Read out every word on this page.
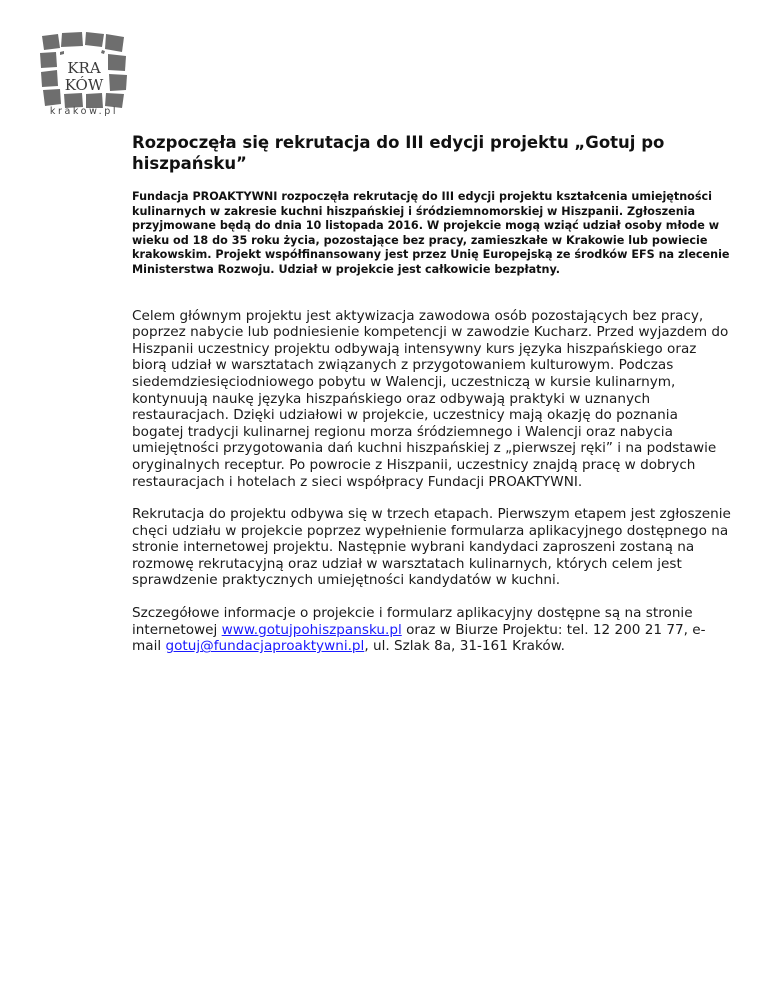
KRA
KÓW
krakow.pl
Rozpoczęła się rekrutacja do III edycji projektu „Gotuj po hiszpańsku”

Fundacja PROAKTYWNI rozpoczęła rekrutację do III edycji projektu kształcenia umiejętności kulinarnych w zakresie kuchni hiszpańskiej i śródziemnomorskiej w Hiszpanii. Zgłoszenia przyjmowane będą do dnia 10 listopada 2016. W projekcie mogą wziąć udział osoby młode w wieku od 18 do 35 roku życia, pozostające bez pracy, zamieszkałe w Krakowie lub powiecie krakowskim. Projekt współfinansowany jest przez Unię Europejską ze środków EFS na zlecenie Ministerstwa Rozwoju. Udział w projekcie jest całkowicie bezpłatny.

Celem głównym projektu jest aktywizacja zawodowa osób pozostających bez pracy, poprzez nabycie lub podniesienie kompetencji w zawodzie Kucharz. Przed wyjazdem do Hiszpanii uczestnicy projektu odbywają intensywny kurs języka hiszpańskiego oraz biorą udział w warsztatach związanych z przygotowaniem kulturowym. Podczas siedemdziesięciodniowego pobytu w Walencji, uczestniczą w kursie kulinarnym, kontynuują naukę języka hiszpańskiego oraz odbywają praktyki w uznanych restauracjach. Dzięki udziałowi w projekcie, uczestnicy mają okazję do poznania bogatej tradycji kulinarnej regionu morza śródziemnego i Walencji oraz nabycia umiejętności przygotowania dań kuchni hiszpańskiej z „pierwszej ręki” i na podstawie oryginalnych receptur. Po powrocie z Hiszpanii, uczestnicy znajdą pracę w dobrych restauracjach i hotelach z sieci współpracy Fundacji PROAKTYWNI.

Rekrutacja do projektu odbywa się w trzech etapach. Pierwszym etapem jest zgłoszenie chęci udziału w projekcie poprzez wypełnienie formularza aplikacyjnego dostępnego na stronie internetowej projektu. Następnie wybrani kandydaci zaproszeni zostaną na rozmowę rekrutacyjną oraz udział w warsztatach kulinarnych, których celem jest sprawdzenie praktycznych umiejętności kandydatów w kuchni.

Szczegółowe informacje o projekcie i formularz aplikacyjny dostępne są na stronie internetowej www.gotujpohiszpansku.pl oraz w Biurze Projektu: tel. 12 200 21 77, e-mail gotuj@fundacjaproaktywni.pl, ul. Szlak 8a, 31-161 Kraków.
